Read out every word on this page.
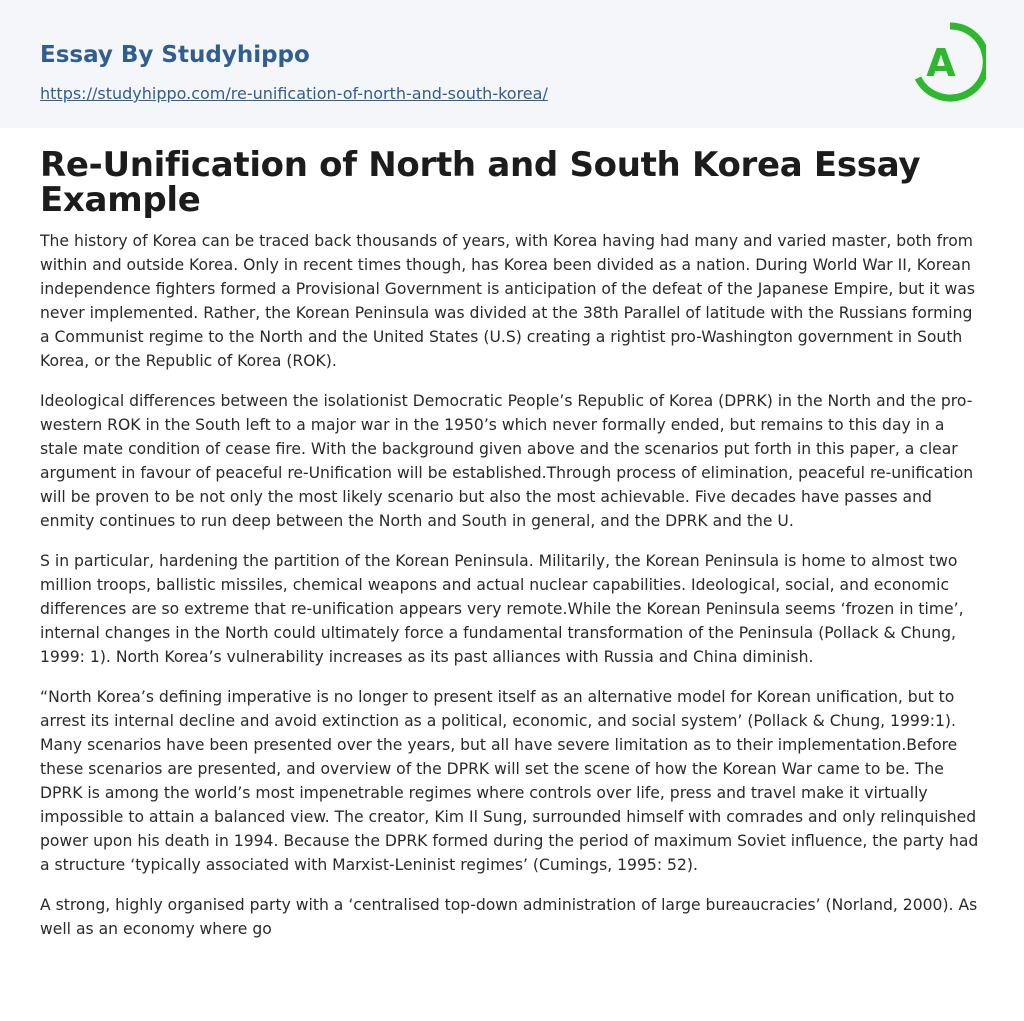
Essay By Studyhippo
https://studyhippo.com/re-unification-of-north-and-south-korea/
A
Re-Unification of North and South Korea Essay Example

The history of Korea can be traced back thousands of years, with Korea having had many and varied master, both from within and outside Korea. Only in recent times though, has Korea been divided as a nation. During World War II, Korean independence fighters formed a Provisional Government is anticipation of the defeat of the Japanese Empire, but it was never implemented. Rather, the Korean Peninsula was divided at the 38th Parallel of latitude with the Russians forming a Communist regime to the North and the United States (U.S) creating a rightist pro-Washington government in South Korea, or the Republic of Korea (ROK).

Ideological differences between the isolationist Democratic People’s Republic of Korea (DPRK) in the North and the pro-western ROK in the South left to a major war in the 1950’s which never formally ended, but remains to this day in a stale mate condition of cease fire. With the background given above and the scenarios put forth in this paper, a clear argument in favour of peaceful re-Unification will be established.Through process of elimination, peaceful re-unification will be proven to be not only the most likely scenario but also the most achievable. Five decades have passes and enmity continues to run deep between the North and South in general, and the DPRK and the U.

S in particular, hardening the partition of the Korean Peninsula. Militarily, the Korean Peninsula is home to almost two million troops, ballistic missiles, chemical weapons and actual nuclear capabilities. Ideological, social, and economic differences are so extreme that re-unification appears very remote.While the Korean Peninsula seems ‘frozen in time’, internal changes in the North could ultimately force a fundamental transformation of the Peninsula (Pollack & Chung, 1999: 1). North Korea’s vulnerability increases as its past alliances with Russia and China diminish.

“North Korea’s defining imperative is no longer to present itself as an alternative model for Korean unification, but to arrest its internal decline and avoid extinction as a political, economic, and social system’ (Pollack & Chung, 1999:1). Many scenarios have been presented over the years, but all have severe limitation as to their implementation.Before these scenarios are presented, and overview of the DPRK will set the scene of how the Korean War came to be. The DPRK is among the world’s most impenetrable regimes where controls over life, press and travel make it virtually impossible to attain a balanced view. The creator, Kim Il Sung, surrounded himself with comrades and only relinquished power upon his death in 1994. Because the DPRK formed during the period of maximum Soviet influence, the party had a structure ‘typically associated with Marxist-Leninist regimes’ (Cumings, 1995: 52).

A strong, highly organised party with a ‘centralised top-down administration of large bureaucracies’ (Norland, 2000). As well as an economy where go
